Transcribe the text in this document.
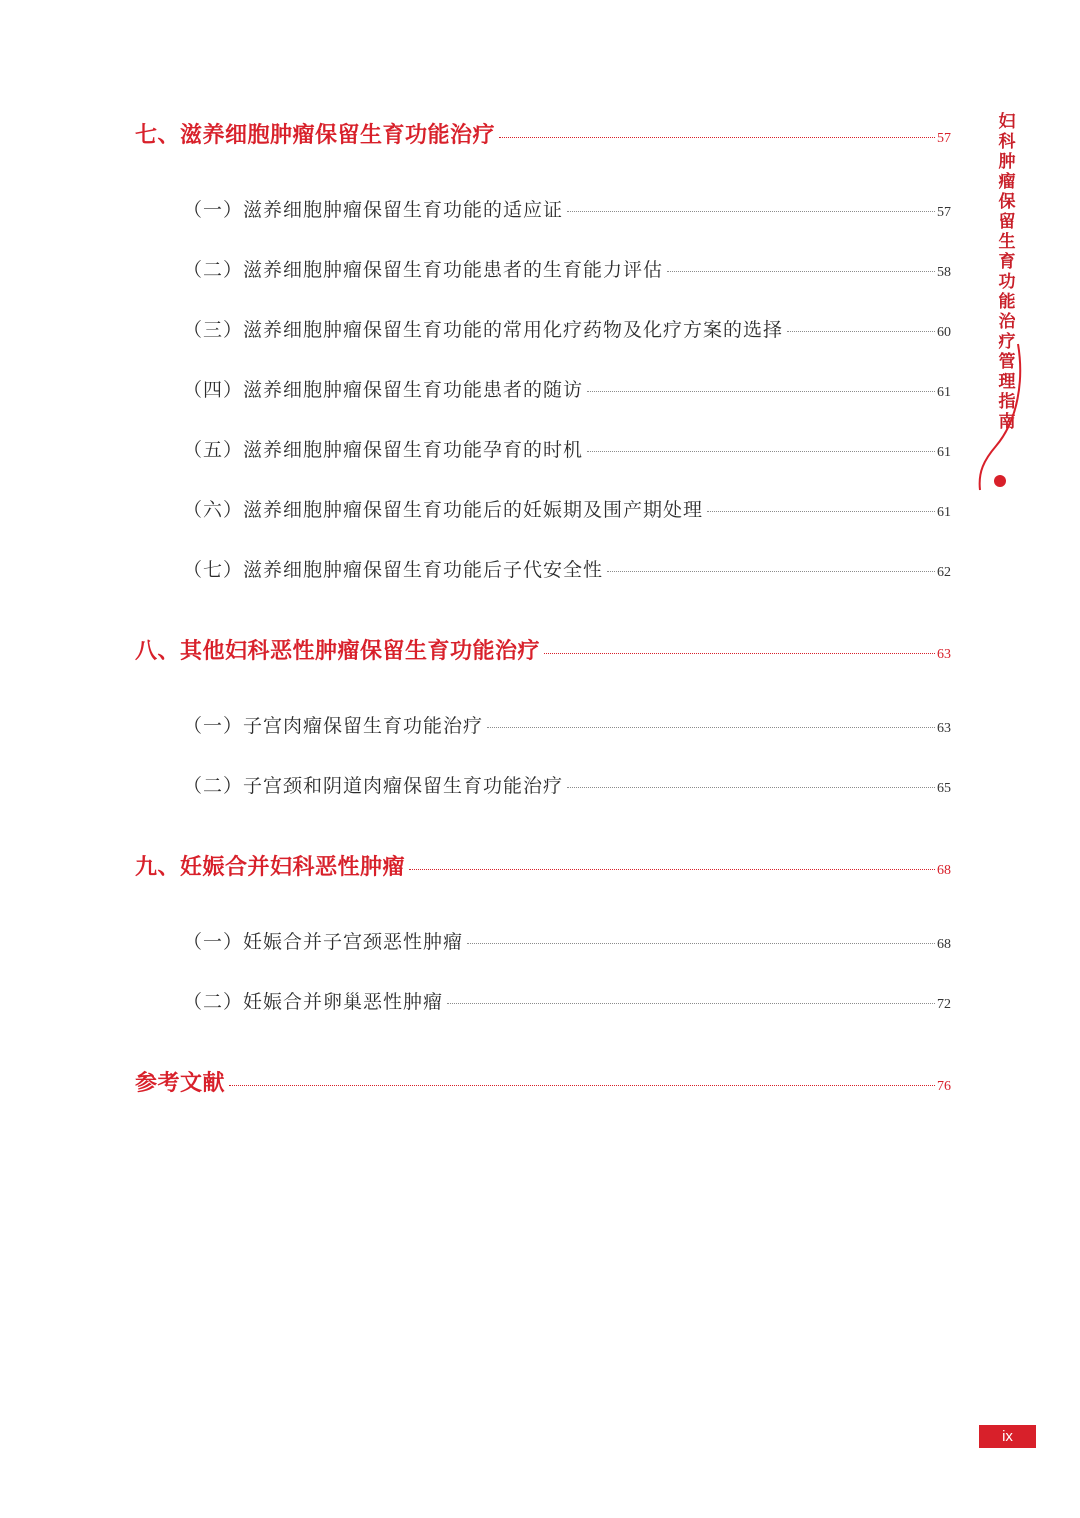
七、滋养细胞肿瘤保留生育功能治疗	57
（一）滋养细胞肿瘤保留生育功能的适应证	57
（二）滋养细胞肿瘤保留生育功能患者的生育能力评估	58
（三）滋养细胞肿瘤保留生育功能的常用化疗药物及化疗方案的选择	60
（四）滋养细胞肿瘤保留生育功能患者的随访	61
（五）滋养细胞肿瘤保留生育功能孕育的时机	61
（六）滋养细胞肿瘤保留生育功能后的妊娠期及围产期处理	61
（七）滋养细胞肿瘤保留生育功能后子代安全性	62
八、其他妇科恶性肿瘤保留生育功能治疗	63
（一）子宫肉瘤保留生育功能治疗	63
（二）子宫颈和阴道肉瘤保留生育功能治疗	65
九、妊娠合并妇科恶性肿瘤	68
（一）妊娠合并子宫颈恶性肿瘤	68
（二）妊娠合并卵巢恶性肿瘤	72
参考文献	76
妇科肿瘤保留生育功能治疗管理指南
ix
